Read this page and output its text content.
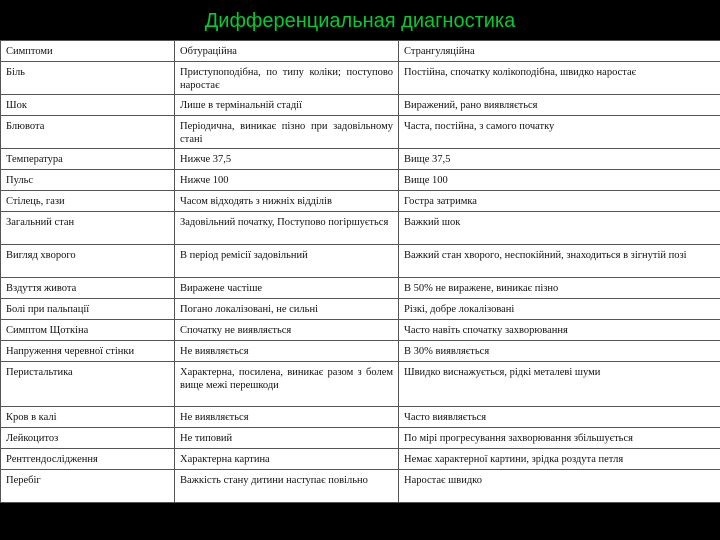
Дифференциальная диагностика
Симптоми	Обтураційна	Странгуляційна
Біль	Приступоподібна, по типу коліки; поступово наростає	Постійна, спочатку колікоподібна, швидко наростає
Шок	Лише в термінальній стадії	Виражений, рано виявляється
Блювота	Періодична, виникає пізно при задовільному стані	Часта, постійна, з самого початку
Температура	Нижче 37,5	Вище 37,5
Пульс	Нижче 100	Вище 100
Стілець, гази	Часом відходять з нижніх відділів	Гостра затримка
Загальний стан	Задовільний початку, Поступово погіршується	Важкий шок
Вигляд хворого	В період ремісії задовільний	Важкий стан хворого, неспокійний, знаходиться в зігнутій позі
Вздуття живота	Виражене частіше	В 50% не виражене, виникає пізно
Болі при пальпації	Погано локалізовані, не сильні	Різкі, добре локалізовані
Симптом Щоткіна	Спочатку не виявляється	Часто навіть спочатку захворювання
Напруження черевної стінки	Не виявляється	В 30% виявляється
Перистальтика	Характерна, посилена, виникає разом з болем вище межі перешкоди	Швидко виснажується, рідкі металеві шуми
Кров в калі	Не виявляється	Часто виявляється
Лейкоцитоз	Не типовий	По мірі прогресування захворювання збільшується
Рентгендослідження	Характерна картина	Немає характерної картини, зрідка роздута петля
Перебіг	Важкість стану дитини наступає повільно	Наростає швидко
